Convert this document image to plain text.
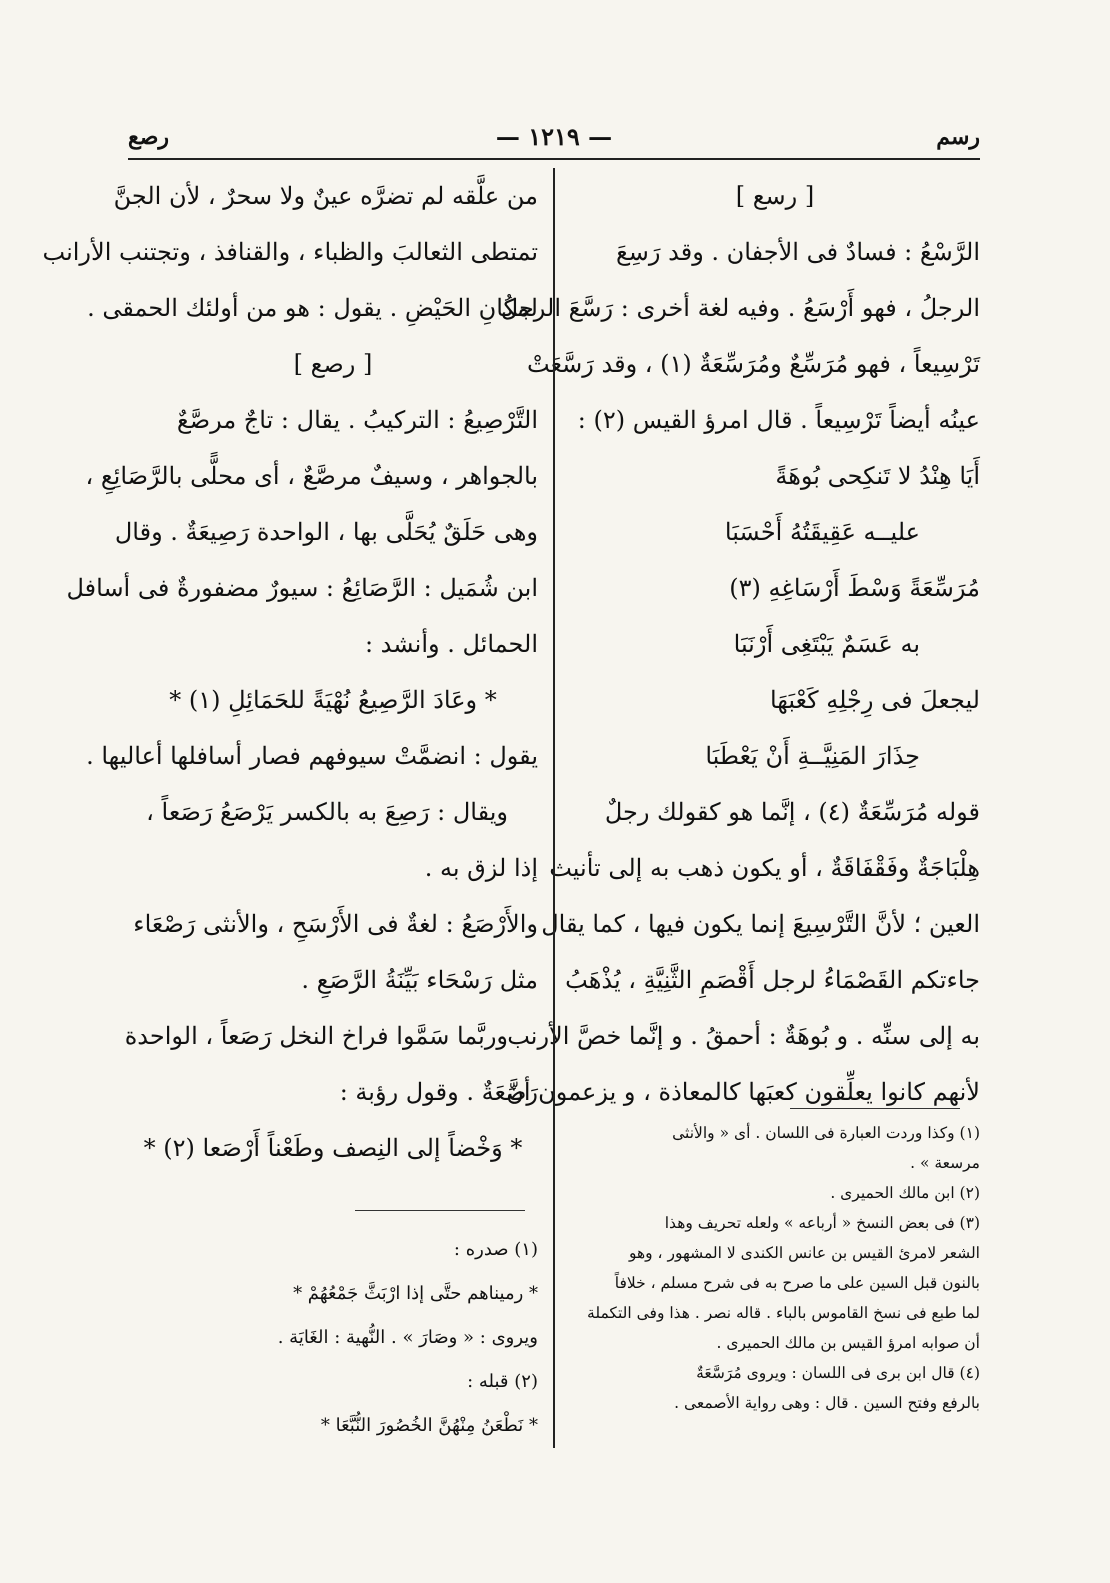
رسم
— ١٢١٩ —
رصع
[ رسع ]
الرَّسْعُ : فسادٌ فى الأجفان . وقد رَسِعَ
الرجلُ ، فهو أَرْسَعُ . وفيه لغة أخرى : رَسَّعَ الرجلُ
تَرْسِيعاً ، فهو مُرَسِّعٌ ومُرَسِّعَةٌ (١) ، وقد رَسَّعَتْ
عينُه أيضاً تَرْسِيعاً . قال امرؤ القيس (٢) :
أَيَا هِنْدُ لا تَنكِحى بُوهَةً
عليــه عَقِيقَتُهُ أَحْسَبَا
مُرَسِّعَةً وَسْطَ أَرْسَاغِهِ (٣)
به عَسَمٌ يَبْتَغِى أَرْنَبَا
ليجعلَ فى رِجْلِهِ كَعْبَهَا
حِذَارَ المَنِيَّــةِ أَنْ يَعْطَبَا
قوله مُرَسِّعَةٌ (٤) ، إنَّما هو كقولك رجلٌ
هِلْبَاجَةٌ وفَقْفَاقَةٌ ، أو يكون ذهب به إلى تأنيث
العين ؛ لأنَّ التَّرْسِيعَ إنما يكون فيها ، كما يقال
جاءتكم القَصْمَاءُ لرجل أَقْصَمِ الثَّنِيَّةِ ، يُذْهَبُ
به إلى سنِّه . و بُوهَةٌ : أحمقُ . و إنَّما خصَّ الأرنب
لأنهم كانوا يعلِّقون كعبَها كالمعاذة ، و يزعمون أنَّ
من علَّقه لم تضرَّه عينٌ ولا سحرٌ ، لأن الجنَّ
تمتطى الثعالبَ والظباء ، والقنافذ ، وتجتنب الأرانب
لمكانِ الحَيْضِ . يقول : هو من أولئك الحمقى .
[ رصع ]
التَّرْصِيعُ : التركيبُ . يقال : تاجٌ مرصَّعٌ
بالجواهر ، وسيفٌ مرصَّعٌ ، أى محلًّى بالرَّصَائِعِ ،
وهى حَلَقٌ يُحَلَّى بها ، الواحدة رَصِيعَةٌ . وقال
ابن شُمَيل : الرَّصَائِعُ : سيورٌ مضفورةٌ فى أسافل
الحمائل . وأنشد :
* وعَادَ الرَّصِيعُ نُهْيَةً للحَمَائِلِ (١) *
يقول : انضمَّتْ سيوفهم فصار أسافلها أعاليها .
ويقال : رَصِعَ به بالكسر يَرْصَعُ رَصَعاً ،
إذا لزق به .
والأَرْصَعُ : لغةٌ فى الأَرْسَحِ ، والأنثى رَصْعَاء
مثل رَسْحَاء بَيِّنَةُ الرَّصَعِ .
وربَّما سَمَّوا فراخ النخل رَصَعاً ، الواحدة
رَصَعَةٌ . وقول رؤبة :
* وَخْضاً إلى النِصف وطَعْناً أَرْصَعا (٢) *
(١) وكذا وردت العبارة فى اللسان . أى « والأنثى
مرسعة » .
(٢) ابن مالك الحميرى .
(٣) فى بعض النسخ « أرباعه » ولعله تحريف وهذا
الشعر لامرئ القيس بن عانس الكندى لا المشهور ، وهو
بالنون قبل السين على ما صرح به فى شرح مسلم ، خلافاً
لما طبع فى نسخ القاموس بالباء . قاله نصر . هذا وفى التكملة
أن صوابه امرؤ القيس بن مالك الحميرى .
(٤) قال ابن برى فى اللسان : ويروى مُرَسَّعَةٌ
بالرفع وفتح السين . قال : وهى رواية الأصمعى .
(١) صدره :
* رميناهم حتَّى إذا ارْبَثَّ جَمْعُهُمْ *
ويروى : « وصَارَ » . النُّهية : الغَايَة .
(٢) قبله :
* نَطْعَنُ مِنْهُنَّ الخُصُورَ النُّبَّعَا *
